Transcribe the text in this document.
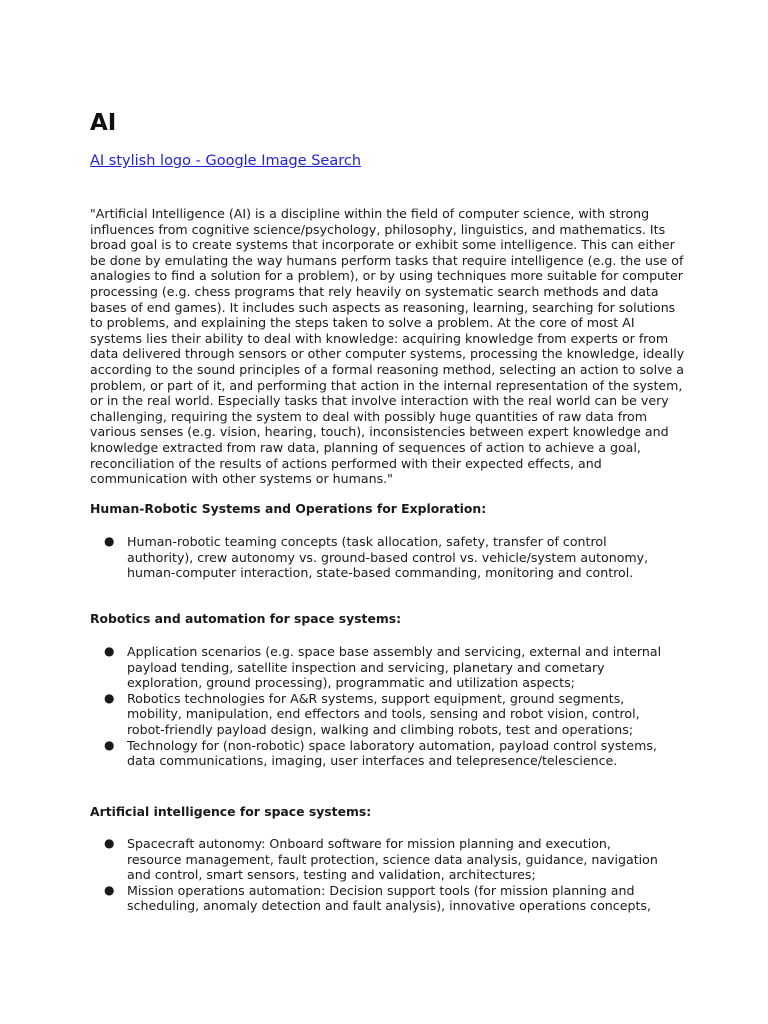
AI
AI stylish logo - Google Image Search

"Artificial Intelligence (AI) is a discipline within the field of computer science, with strong influences from cognitive science/psychology, philosophy, linguistics, and mathematics. Its broad goal is to create systems that incorporate or exhibit some intelligence. This can either be done by emulating the way humans perform tasks that require intelligence (e.g. the use of analogies to find a solution for a problem), or by using techniques more suitable for computer processing (e.g. chess programs that rely heavily on systematic search methods and data bases of end games). It includes such aspects as reasoning, learning, searching for solutions to problems, and explaining the steps taken to solve a problem. At the core of most AI systems lies their ability to deal with knowledge: acquiring knowledge from experts or from data delivered through sensors or other computer systems, processing the knowledge, ideally according to the sound principles of a formal reasoning method, selecting an action to solve a problem, or part of it, and performing that action in the internal representation of the system, or in the real world. Especially tasks that involve interaction with the real world can be very challenging, requiring the system to deal with possibly huge quantities of raw data from various senses (e.g. vision, hearing, touch), inconsistencies between expert knowledge and knowledge extracted from raw data, planning of sequences of action to achieve a goal, reconciliation of the results of actions performed with their expected effects, and communication with other systems or humans."

Human-Robotic Systems and Operations for Exploration:
● Human-robotic teaming concepts (task allocation, safety, transfer of control authority), crew autonomy vs. ground-based control vs. vehicle/system autonomy, human-computer interaction, state-based commanding, monitoring and control.
Robotics and automation for space systems:
● Application scenarios (e.g. space base assembly and servicing, external and internal payload tending, satellite inspection and servicing, planetary and cometary exploration, ground processing), programmatic and utilization aspects;
● Robotics technologies for A&R systems, support equipment, ground segments, mobility, manipulation, end effectors and tools, sensing and robot vision, control, robot-friendly payload design, walking and climbing robots, test and operations;
● Technology for (non-robotic) space laboratory automation, payload control systems, data communications, imaging, user interfaces and telepresence/telescience.
Artificial intelligence for space systems:
● Spacecraft autonomy: Onboard software for mission planning and execution, resource management, fault protection, science data analysis, guidance, navigation and control, smart sensors, testing and validation, architectures;
● Mission operations automation: Decision support tools (for mission planning and scheduling, anomaly detection and fault analysis), innovative operations concepts,
